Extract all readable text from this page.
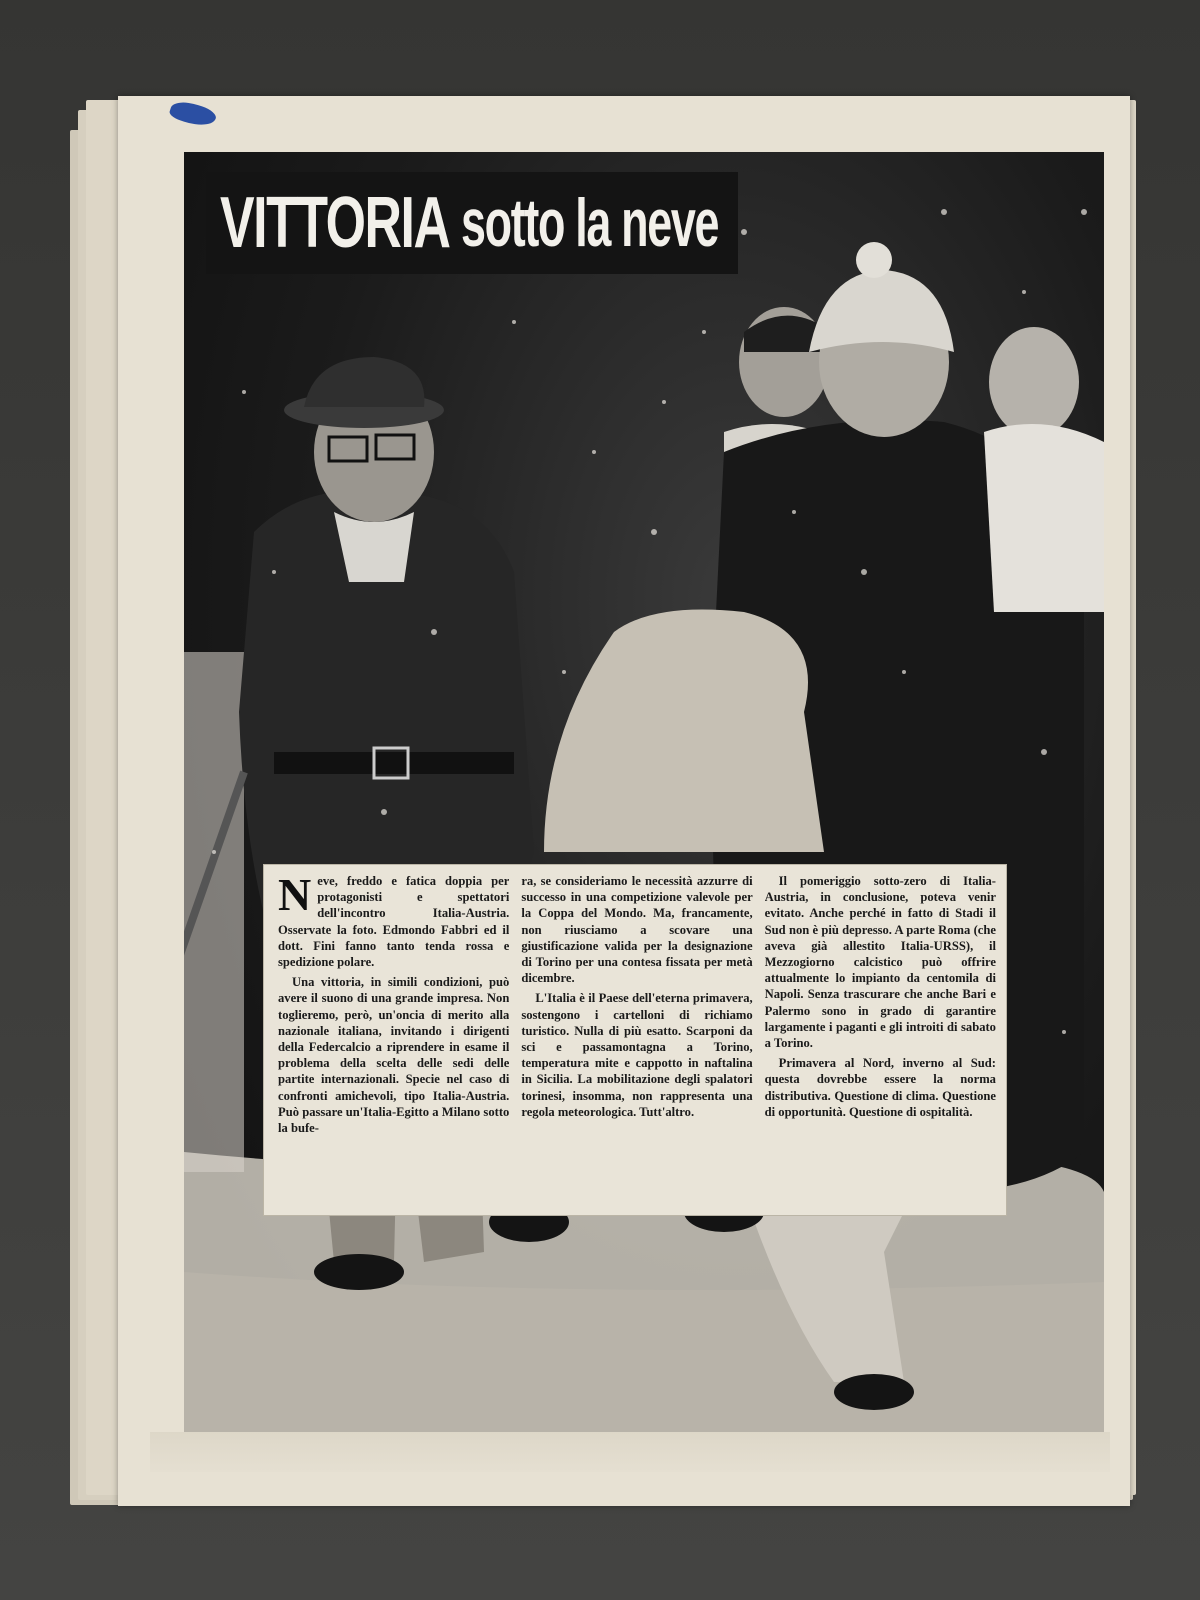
VITTORIA sotto la neve

N eve, freddo e fatica doppia per protagonisti e spettatori dell'incontro Italia-Austria. Osservate la foto. Edmondo Fabbri ed il dott. Fini fanno tanto tenda rossa e spedizione polare.

Una vittoria, in simili condizioni, può avere il suono di una grande impresa. Non toglieremo, però, un'oncia di merito alla nazionale italiana, invitando i dirigenti della Federcalcio a riprendere in esame il problema della scelta delle sedi delle partite internazionali. Specie nel caso di confronti amichevoli, tipo Italia-Austria. Può passare un'Italia-Egitto a Milano sotto la bufe-

ra, se consideriamo le necessità azzurre di successo in una competizione valevole per la Coppa del Mondo. Ma, francamente, non riusciamo a scovare una giustificazione valida per la designazione di Torino per una contesa fissata per metà dicembre.

L'Italia è il Paese dell'eterna primavera, sostengono i cartelloni di richiamo turistico. Nulla di più esatto. Scarponi da sci e passamontagna a Torino, temperatura mite e cappotto in naftalina in Sicilia. La mobilitazione degli spalatori torinesi, insomma, non rappresenta una regola meteorologica. Tutt'altro.

Il pomeriggio sotto-zero di Italia-Austria, in conclusione, poteva venir evitato. Anche perché in fatto di Stadi il Sud non è più depresso. A parte Roma (che aveva già allestito Italia-URSS), il Mezzogiorno calcistico può offrire attualmente lo impianto da centomila di Napoli. Senza trascurare che anche Bari e Palermo sono in grado di garantire largamente i paganti e gli introiti di sabato a Torino.

Primavera al Nord, inverno al Sud: questa dovrebbe essere la norma distributiva. Questione di clima. Questione di opportunità. Questione di ospitalità.
